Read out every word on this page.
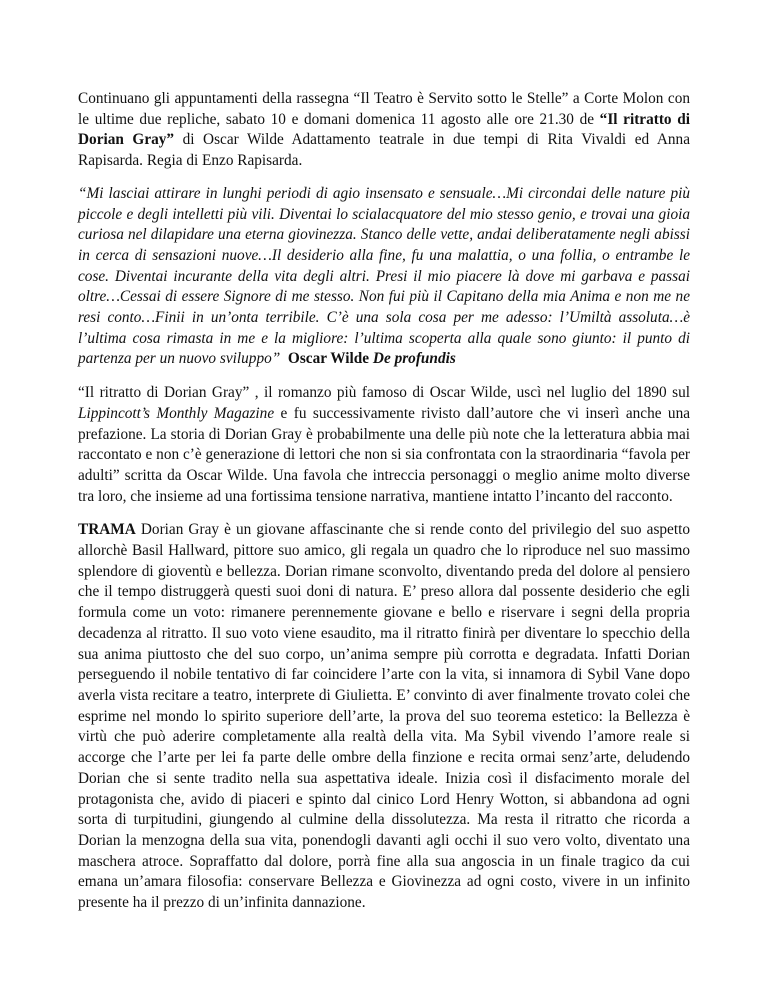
Continuano gli appuntamenti della rassegna “Il Teatro è Servito sotto le Stelle” a Corte Molon con le ultime due repliche, sabato 10 e domani domenica 11 agosto alle ore 21.30 de “Il ritratto di Dorian Gray” di Oscar Wilde Adattamento teatrale in due tempi di Rita Vivaldi ed Anna Rapisarda. Regia di Enzo Rapisarda.

“Mi lasciai attirare in lunghi periodi di agio insensato e sensuale…Mi circondai delle nature più piccole e degli intelletti più vili. Diventai lo scialacquatore del mio stesso genio, e trovai una gioia curiosa nel dilapidare una eterna giovinezza. Stanco delle vette, andai deliberatamente negli abissi in cerca di sensazioni nuove…Il desiderio alla fine, fu una malattia, o una follia, o entrambe le cose. Diventai incurante della vita degli altri. Presi il mio piacere là dove mi garbava e passai oltre…Cessai di essere Signore di me stesso. Non fui più il Capitano della mia Anima e non me ne resi conto…Finii in un’onta terribile. C’è una sola cosa per me adesso: l’Umiltà assoluta…è l’ultima cosa rimasta in me e la migliore: l’ultima scoperta alla quale sono giunto: il punto di partenza per un nuovo sviluppo” Oscar Wilde De profundis

“Il ritratto di Dorian Gray” , il romanzo più famoso di Oscar Wilde, uscì nel luglio del 1890 sul Lippincott’s Monthly Magazine e fu successivamente rivisto dall’autore che vi inserì anche una prefazione. La storia di Dorian Gray è probabilmente una delle più note che la letteratura abbia mai raccontato e non c’è generazione di lettori che non si sia confrontata con la straordinaria “favola per adulti” scritta da Oscar Wilde. Una favola che intreccia personaggi o meglio anime molto diverse tra loro, che insieme ad una fortissima tensione narrativa, mantiene intatto l’incanto del racconto.

TRAMA Dorian Gray è un giovane affascinante che si rende conto del privilegio del suo aspetto allorchè Basil Hallward, pittore suo amico, gli regala un quadro che lo riproduce nel suo massimo splendore di gioventù e bellezza. Dorian rimane sconvolto, diventando preda del dolore al pensiero che il tempo distruggerà questi suoi doni di natura. E’ preso allora dal possente desiderio che egli formula come un voto: rimanere perennemente giovane e bello e riservare i segni della propria decadenza al ritratto. Il suo voto viene esaudito, ma il ritratto finirà per diventare lo specchio della sua anima piuttosto che del suo corpo, un’anima sempre più corrotta e degradata. Infatti Dorian perseguendo il nobile tentativo di far coincidere l’arte con la vita, si innamora di Sybil Vane dopo averla vista recitare a teatro, interprete di Giulietta. E’ convinto di aver finalmente trovato colei che esprime nel mondo lo spirito superiore dell’arte, la prova del suo teorema estetico: la Bellezza è virtù che può aderire completamente alla realtà della vita. Ma Sybil vivendo l’amore reale si accorge che l’arte per lei fa parte delle ombre della finzione e recita ormai senz’arte, deludendo Dorian che si sente tradito nella sua aspettativa ideale. Inizia così il disfacimento morale del protagonista che, avido di piaceri e spinto dal cinico Lord Henry Wotton, si abbandona ad ogni sorta di turpitudini, giungendo al culmine della dissolutezza. Ma resta il ritratto che ricorda a Dorian la menzogna della sua vita, ponendogli davanti agli occhi il suo vero volto, diventato una maschera atroce. Sopraffatto dal dolore, porrà fine alla sua angoscia in un finale tragico da cui emana un’amara filosofia: conservare Bellezza e Giovinezza ad ogni costo, vivere in un infinito presente ha il prezzo di un’infinita dannazione.
